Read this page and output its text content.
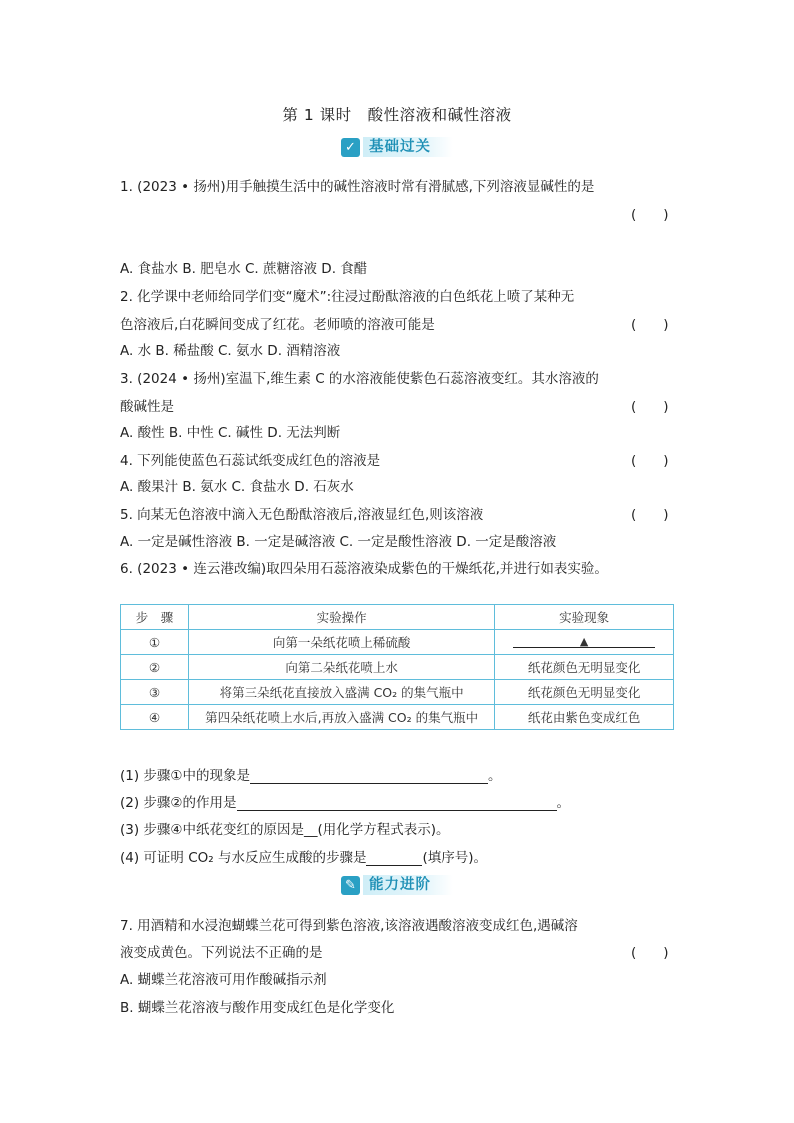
第 1 课时　酸性溶液和碱性溶液
✓ 基础过关
1. (2023 • 扬州)用手触摸生活中的碱性溶液时常有滑腻感,下列溶液显碱性的是
(　　)
A. 食盐水 B. 肥皂水 C. 蔗糖溶液 D. 食醋
2. 化学课中老师给同学们变“魔术”:往浸过酚酞溶液的白色纸花上喷了某种无
色溶液后,白花瞬间变成了红花。老师喷的溶液可能是	(　　)
A. 水 B. 稀盐酸 C. 氨水 D. 酒精溶液
3. (2024 • 扬州)室温下,维生素 C 的水溶液能使紫色石蕊溶液变红。其水溶液的
酸碱性是	(　　)
A. 酸性 B. 中性 C. 碱性 D. 无法判断
4. 下列能使蓝色石蕊试纸变成红色的溶液是	(　　)
A. 酸果汁 B. 氨水 C. 食盐水 D. 石灰水
5. 向某无色溶液中滴入无色酚酞溶液后,溶液显红色,则该溶液	(　　)
A. 一定是碱性溶液 B. 一定是碱溶液 C. 一定是酸性溶液 D. 一定是酸溶液
6. (2023 • 连云港改编)取四朵用石蕊溶液染成紫色的干燥纸花,并进行如表实验。
步　骤	实验操作	实验现象
①	向第一朵纸花喷上稀硫酸	▲
②	向第二朵纸花喷上水	纸花颜色无明显变化
③	将第三朵纸花直接放入盛满 CO₂ 的集气瓶中	纸花颜色无明显变化
④	第四朵纸花喷上水后,再放入盛满 CO₂ 的集气瓶中	纸花由紫色变成红色
(1) 步骤①中的现象是	。
(2) 步骤②的作用是	。
(3) 步骤④中纸花变红的原因是__(用化学方程式表示)。
(4) 可证明 CO₂ 与水反应生成酸的步骤是	(填序号)。
✎ 能力进阶
7. 用酒精和水浸泡蝴蝶兰花可得到紫色溶液,该溶液遇酸溶液变成红色,遇碱溶
液变成黄色。下列说法不正确的是	(　　)
A. 蝴蝶兰花溶液可用作酸碱指示剂
B. 蝴蝶兰花溶液与酸作用变成红色是化学变化
